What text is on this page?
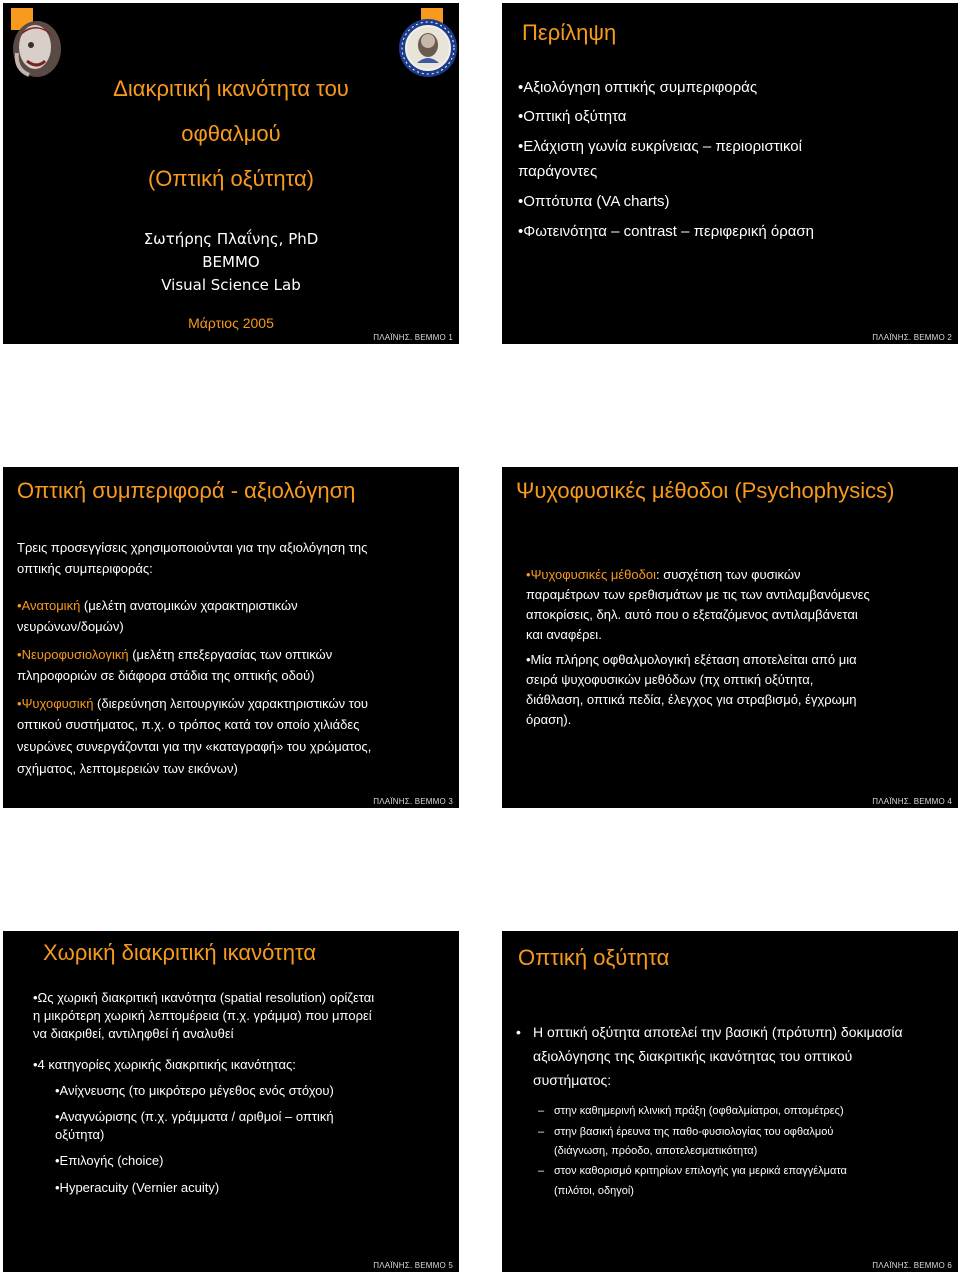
Διακριτική ικανότητα του
οφθαλμού
(Οπτική οξύτητα)
Σωτήρης Πλαΐνης, PhD
ΒΕΜΜΟ
Visual Science Lab
Μάρτιος 2005
ΠΛΑΪΝΗΣ. ΒΕΜΜΟ 1
Περίληψη
•Αξιολόγηση οπτικής συμπεριφοράς
•Οπτική οξύτητα
•Ελάχιστη γωνία ευκρίνειας – περιοριστικοί
παράγοντες
•Οπτότυπα (VA charts)
•Φωτεινότητα – contrast – περιφερική όραση
ΠΛΑΪΝΗΣ. ΒΕΜΜΟ 2
Οπτική συμπεριφορά - αξιολόγηση
Τρεις προσεγγίσεις χρησιμοποιούνται για την αξιολόγηση της
οπτικής συμπεριφοράς:
•Ανατομική (μελέτη ανατομικών χαρακτηριστικών
νευρώνων/δομών)
•Νευροφυσιολογική (μελέτη επεξεργασίας των οπτικών
πληροφοριών σε διάφορα στάδια της οπτικής οδού)
•Ψυχοφυσική (διερεύνηση λειτουργικών χαρακτηριστικών του
οπτικού συστήματος, π.χ. ο τρόπος κατά τον οποίο χιλιάδες
νευρώνες συνεργάζονται για την «καταγραφή» του χρώματος,
σχήματος, λεπτομερειών των εικόνων)
ΠΛΑΪΝΗΣ. ΒΕΜΜΟ 3
Ψυχοφυσικές μέθοδοι (Psychophysics)
•Ψυχοφυσικές μέθοδοι: συσχέτιση των φυσικών
παραμέτρων των ερεθισμάτων με τις των αντιλαμβανόμενες
αποκρίσεις, δηλ. αυτό που ο εξεταζόμενος αντιλαμβάνεται
και αναφέρει.
•Μία πλήρης οφθαλμολογική εξέταση αποτελείται από μια
σειρά ψυχοφυσικών μεθόδων (πχ οπτική οξύτητα,
διάθλαση, οπτικά πεδία, έλεγχος για στραβισμό, έγχρωμη
όραση).
ΠΛΑΪΝΗΣ. ΒΕΜΜΟ 4
Χωρική διακριτική ικανότητα
•Ως χωρική διακριτική ικανότητα (spatial resolution) ορίζεται
η μικρότερη χωρική λεπτομέρεια (π.χ. γράμμα) που μπορεί
να διακριθεί, αντιληφθεί ή αναλυθεί
•4 κατηγορίες χωρικής διακριτικής ικανότητας:
•Ανίχνευσης (το μικρότερο μέγεθος ενός στόχου)
•Αναγνώρισης (π.χ. γράμματα / αριθμοί – οπτική
οξύτητα)
•Επιλογής (choice)
•Hyperacuity (Vernier acuity)
ΠΛΑΪΝΗΣ. ΒΕΜΜΟ 5
Οπτική οξύτητα
• Η οπτική οξύτητα αποτελεί την βασική (πρότυπη) δοκιμασία
αξιολόγησης της διακριτικής ικανότητας του οπτικού
συστήματος:
– στην καθημερινή κλινική πράξη (οφθαλμίατροι, οπτομέτρες)
– στην βασική έρευνα της παθο-φυσιολογίας του οφθαλμού
(διάγνωση, πρόοδο, αποτελεσματικότητα)
– στον καθορισμό κριτηρίων επιλογής για μερικά επαγγέλματα
(πιλότοι, οδηγοί)
ΠΛΑΪΝΗΣ. ΒΕΜΜΟ 6
